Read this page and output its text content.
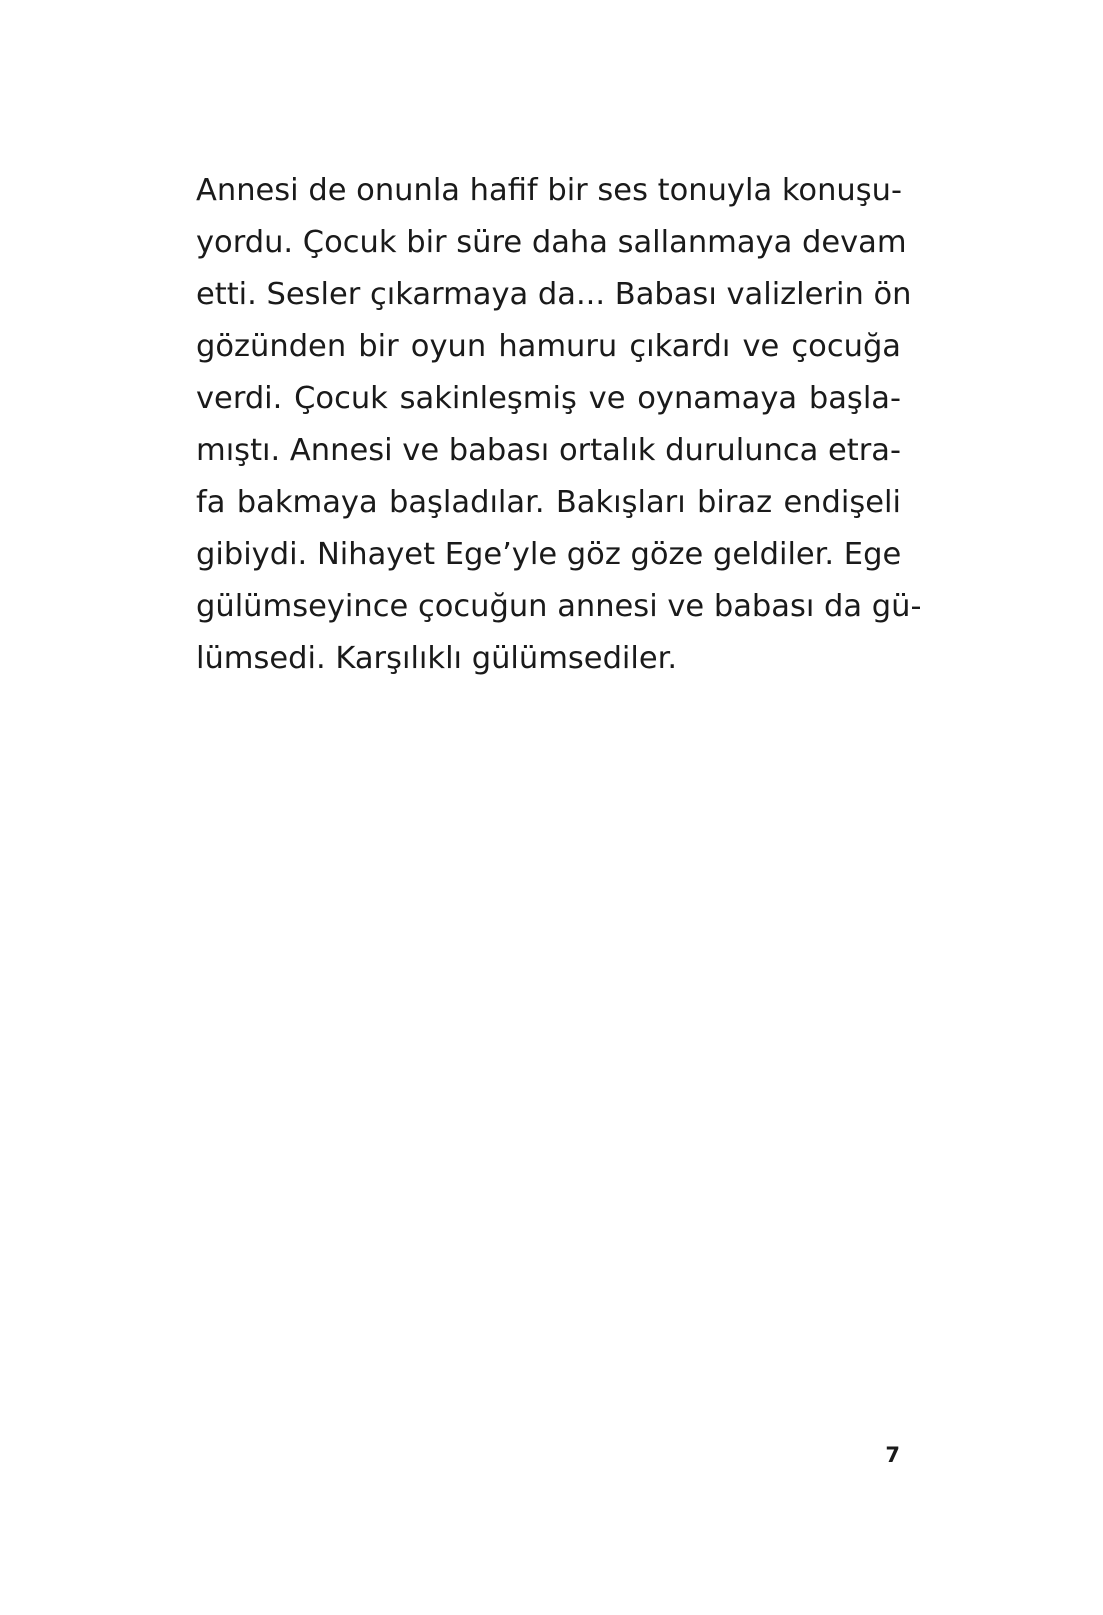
Annesi de onunla hafif bir ses tonuyla konuşu-
yordu. Çocuk bir süre daha sallanmaya devam
etti. Sesler çıkarmaya da... Babası valizlerin ön
gözünden bir oyun hamuru çıkardı ve çocuğa
verdi. Çocuk sakinleşmiş ve oynamaya başla-
mıştı. Annesi ve babası ortalık durulunca etra-
fa bakmaya başladılar. Bakışları biraz endişeli
gibiydi. Nihayet Ege’yle göz göze geldiler. Ege
gülümseyince çocuğun annesi ve babası da gü-
lümsedi. Karşılıklı gülümsediler.
7
